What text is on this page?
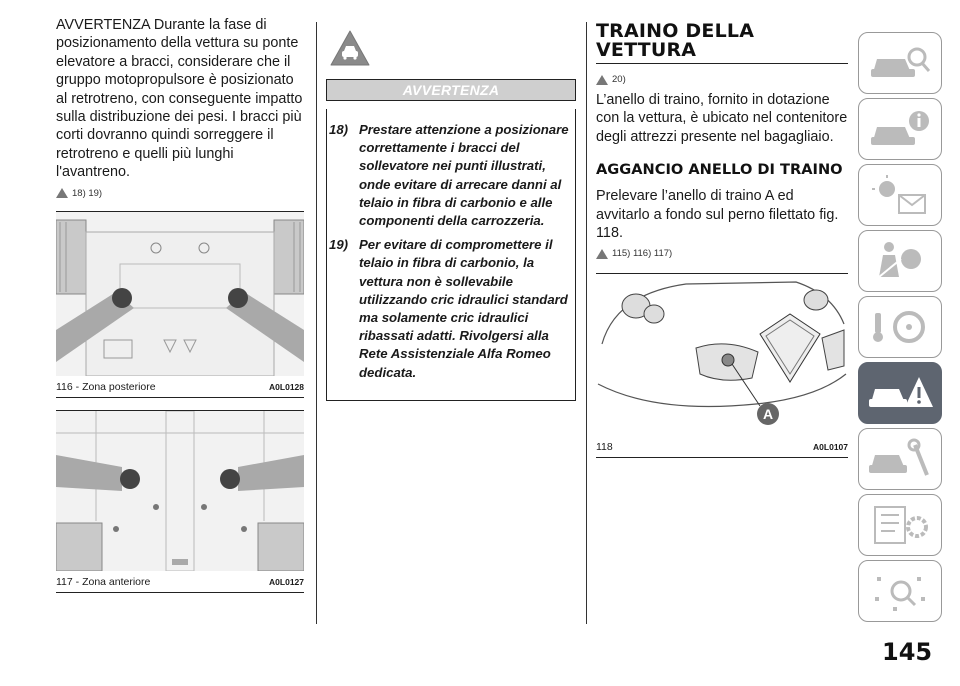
AVVERTENZA Durante la fase di posizionamento della vettura su ponte elevatore a bracci, considerare che il gruppo motopropulsore è posizionato al retrotreno, con conseguente impatto sulla distribuzione dei pesi. I bracci più corti dovranno quindi sorreggere il retrotreno e quelli più lunghi l'avantreno.

18) 19)
116 - Zona posteriore	A0L0128
117 - Zona anteriore	A0L0127
AVVERTENZA
18) Prestare attenzione a posizionare correttamente i bracci del sollevatore nei punti illustrati, onde evitare di arrecare danni al telaio in fibra di carbonio e alle componenti della carrozzeria.
19) Per evitare di compromettere il telaio in fibra di carbonio, la vettura non è sollevabile utilizzando cric idraulici standard ma solamente cric idraulici ribassati adatti. Rivolgersi alla Rete Assistenziale Alfa Romeo dedicata.
TRAINO DELLA VETTURA
20)

L’anello di traino, fornito in dotazione con la vettura, è ubicato nel contenitore degli attrezzi presente nel bagagliaio.

AGGANCIO ANELLO DI TRAINO

Prelevare l’anello di traino A ed avvitarlo a fondo sul perno filettato fig. 118.

115) 116) 117)
A
118	A0L0107
145
